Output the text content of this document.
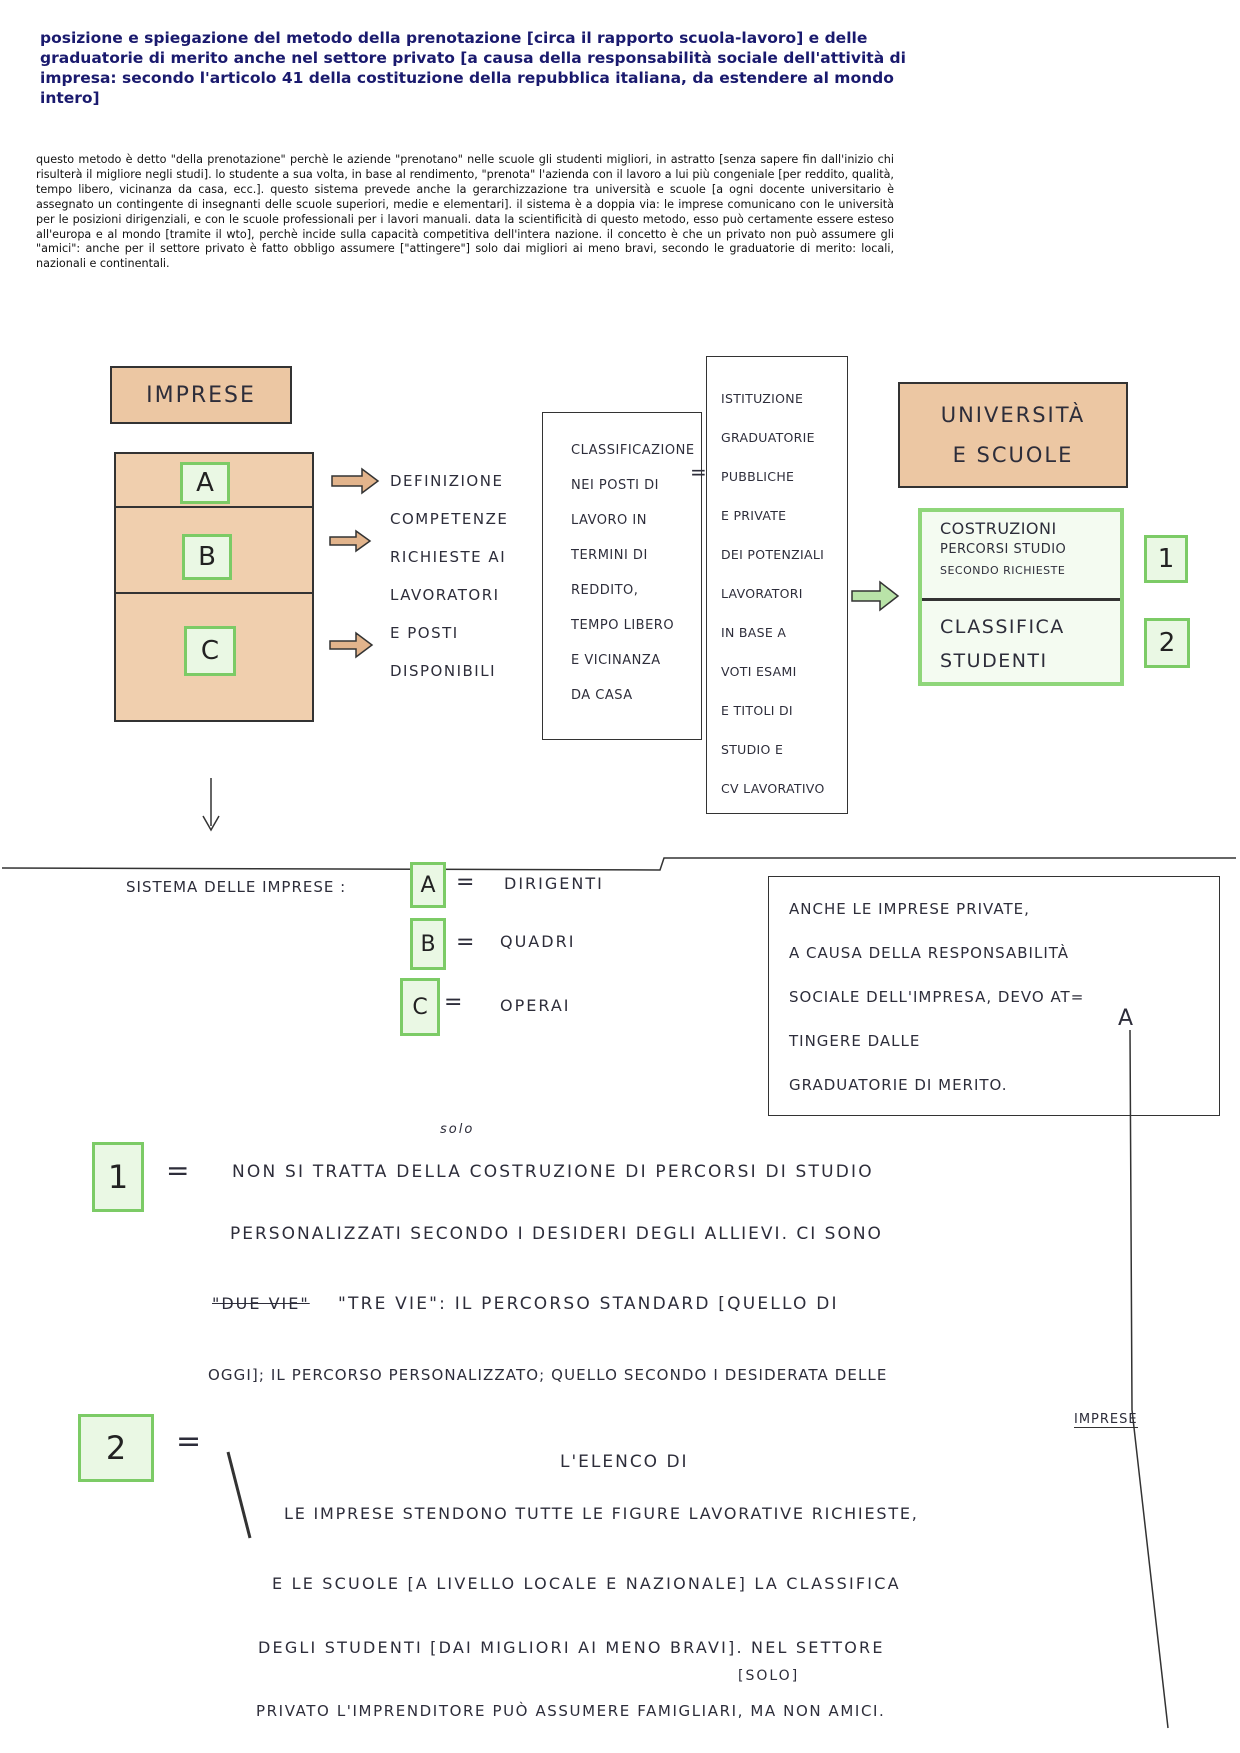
posizione e spiegazione del metodo della prenotazione [circa il rapporto scuola-lavoro] e delle graduatorie di merito anche nel settore privato [a causa della responsabilità sociale dell'attività di impresa: secondo l'articolo 41 della costituzione della repubblica italiana, da estendere al mondo intero]
questo metodo è detto "della prenotazione" perchè le aziende "prenotano" nelle scuole gli studenti migliori, in astratto [senza sapere fin dall'inizio chi risulterà il migliore negli studi]. lo studente a sua volta, in base al rendimento, "prenota" l'azienda con il lavoro a lui più congeniale [per reddito, qualità, tempo libero, vicinanza da casa, ecc.]. questo sistema prevede anche la gerarchizzazione tra università e scuole [a ogni docente universitario è assegnato un contingente di insegnanti delle scuole superiori, medie e elementari]. il sistema è a doppia via: le imprese comunicano con le università per le posizioni dirigenziali, e con le scuole professionali per i lavori manuali. data la scientificità di questo metodo, esso può certamente essere esteso all'europa e al mondo [tramite il wto], perchè incide sulla capacità competitiva dell'intera nazione. il concetto è che un privato non può assumere gli "amici": anche per il settore privato è fatto obbligo assumere ["attingere"] solo dai migliori ai meno bravi, secondo le graduatorie di merito: locali, nazionali e continentali.
IMPRESE
A
B
C
DEFINIZIONE
COMPETENZE
RICHIESTE AI
LAVORATORI
E POSTI
DISPONIBILI
CLASSIFICAZIONE
NEI POSTI DI
LAVORO IN
TERMINI DI
REDDITO,
TEMPO LIBERO
E VICINANZA
DA CASA
=
ISTITUZIONE
GRADUATORIE
PUBBLICHE
E PRIVATE
DEI POTENZIALI
LAVORATORI
IN BASE A
VOTI ESAMI
E TITOLI DI
STUDIO E
CV LAVORATIVO
UNIVERSITÀ
E SCUOLE
COSTRUZIONI
PERCORSI STUDIO
SECONDO RICHIESTE
CLASSIFICA
STUDENTI
1
2
SISTEMA DELLE IMPRESE :	A = DIRIGENTI
B = QUADRI
C = OPERAI
ANCHE LE IMPRESE PRIVATE,
A CAUSA DELLA RESPONSABILITÀ
SOCIALE DELL'IMPRESA, DEVO AT=
TINGERE DALLE
GRADUATORIE DI MERITO.
A
1 =
solo
NON SI TRATTA DELLA COSTRUZIONE DI PERCORSI DI STUDIO
PERSONALIZZATI SECONDO I DESIDERI DEGLI ALLIEVI. CI SONO
"DUE VIE" "TRE VIE": IL PERCORSO STANDARD [QUELLO DI
OGGI]; IL PERCORSO PERSONALIZZATO; QUELLO SECONDO I DESIDERATA DELLE
IMPRESE
2 =
L'ELENCO DI
LE IMPRESE STENDONO TUTTE LE FIGURE LAVORATIVE RICHIESTE,
E LE SCUOLE [A LIVELLO LOCALE E NAZIONALE] LA CLASSIFICA
DEGLI STUDENTI [DAI MIGLIORI AI MENO BRAVI]. NEL SETTORE
[SOLO]
PRIVATO L'IMPRENDITORE PUÒ ASSUMERE FAMIGLIARI, MA NON AMICI.
